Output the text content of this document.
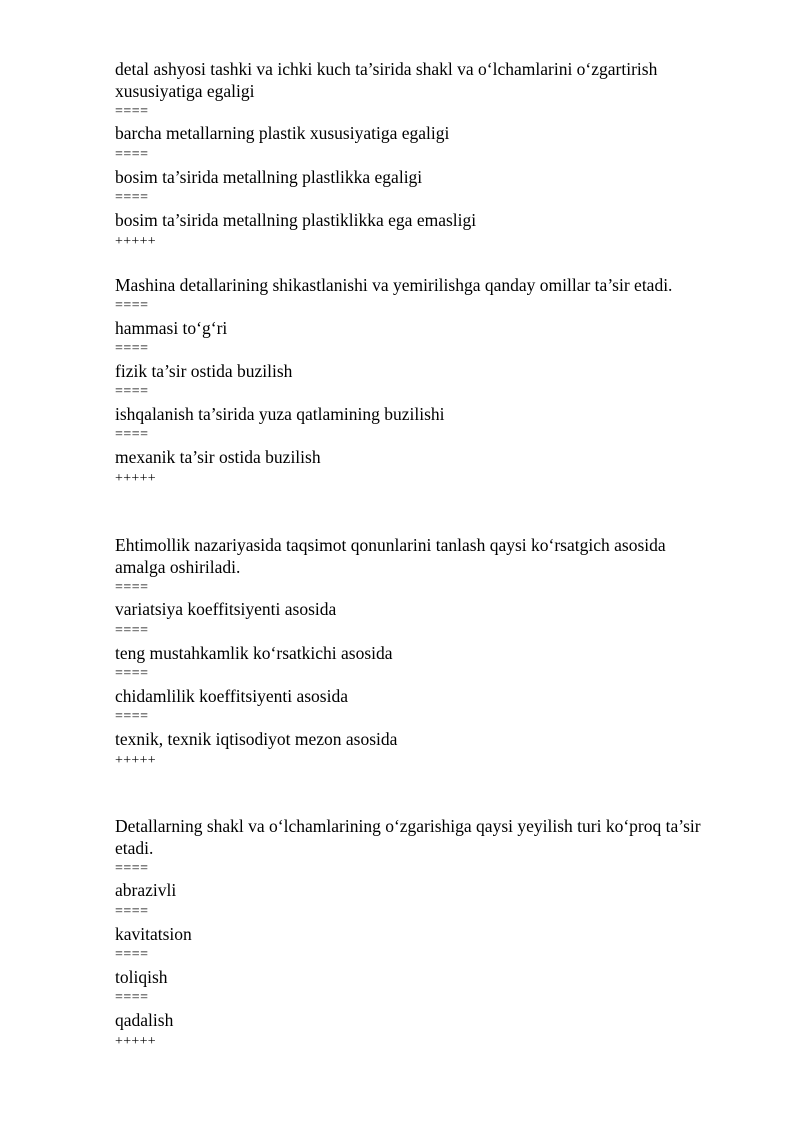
detal ashyosi tashki va ichki kuch ta’sirida shakl va o‘lchamlarini o‘zgartirish
xususiyatiga egaligi
====
barcha metallarning plastik xususiyatiga egaligi
====
bosim ta’sirida metallning plastlikka egaligi
====
bosim ta’sirida metallning plastiklikka ega emasligi
+++++
Mashina detallarining shikastlanishi va yemirilishga qanday omillar ta’sir etadi.
====
hammasi to‘g‘ri
====
fizik ta’sir ostida buzilish
====
ishqalanish ta’sirida yuza qatlamining buzilishi
====
mexanik ta’sir ostida buzilish
+++++
Ehtimollik nazariyasida taqsimot qonunlarini tanlash qaysi ko‘rsatgich asosida
amalga oshiriladi.
====
variatsiya koeffitsiyenti asosida
====
teng mustahkamlik ko‘rsatkichi asosida
====
chidamlilik koeffitsiyenti asosida
====
texnik, texnik iqtisodiyot mezon asosida
+++++
Detallarning shakl va o‘lchamlarining o‘zgarishiga qaysi yeyilish turi ko‘proq ta’sir
etadi.
====
abrazivli
====
kavitatsion
====
toliqish
====
qadalish
+++++
